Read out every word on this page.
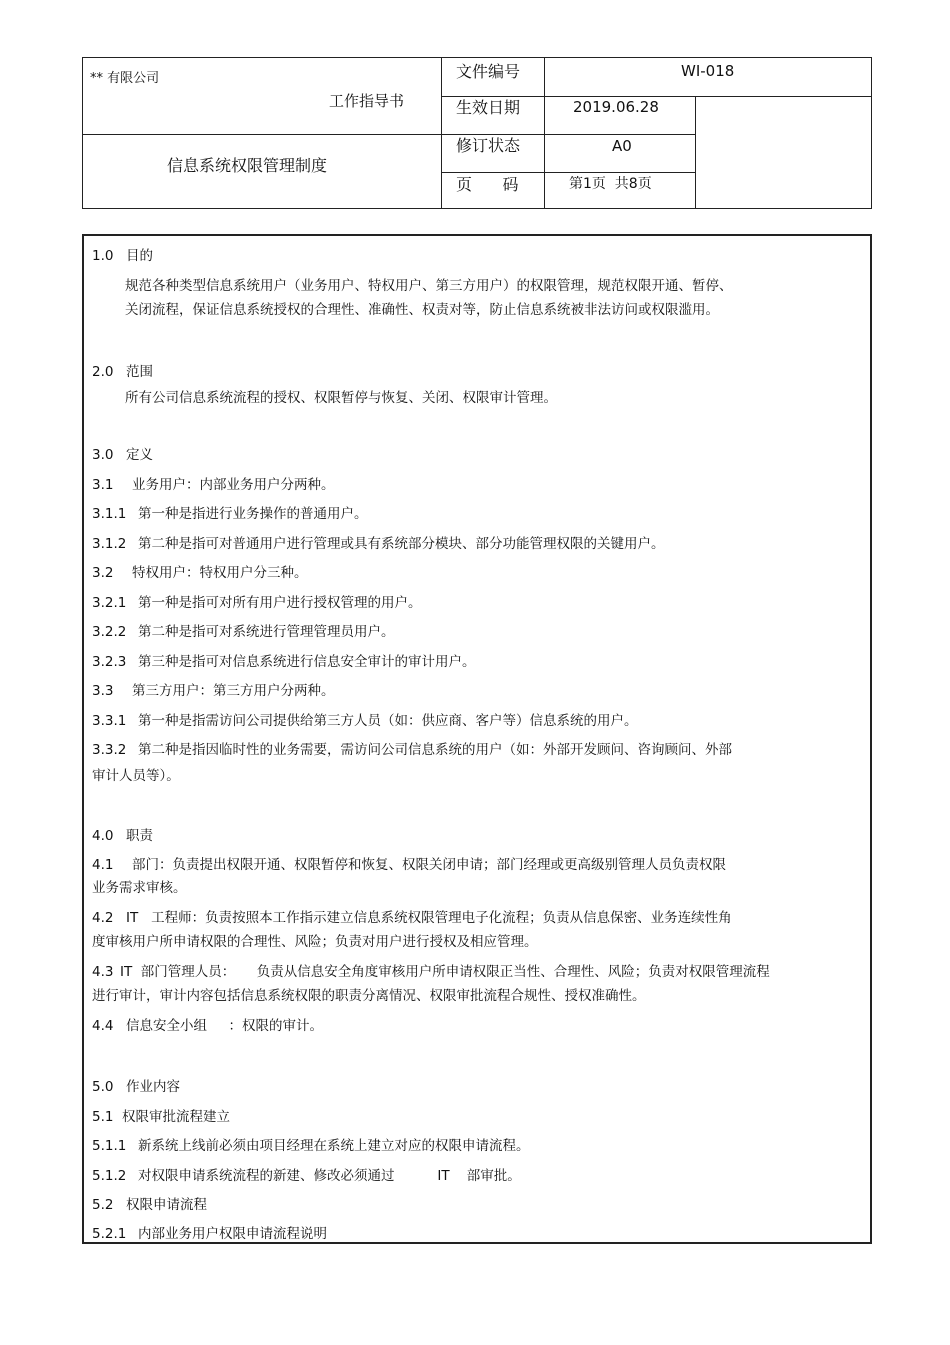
** 有限公司
工作指导书
信息系统权限管理制度
文件编号
生效日期
修订状态
页      码
WI-018
2019.06.28
A0
第1页  共8页
1.0 目的
规范各种类型信息系统用户（业务用户、特权用户、第三方用户）的权限管理，规范权限开通、暂停、
关闭流程，保证信息系统授权的合理性、准确性、权责对等，防止信息系统被非法访问或权限滥用。
2.0 范围
所有公司信息系统流程的授权、权限暂停与恢复、关闭、权限审计管理。
3.0 定义
3.1 业务用户：内部业务用户分两种。
3.1.1 第一种是指进行业务操作的普通用户。
3.1.2 第二种是指可对普通用户进行管理或具有系统部分模块、部分功能管理权限的关键用户。
3.2 特权用户：特权用户分三种。
3.2.1 第一种是指可对所有用户进行授权管理的用户。
3.2.2 第二种是指可对系统进行管理管理员用户。
3.2.3 第三种是指可对信息系统进行信息安全审计的审计用户。
3.3 第三方用户：第三方用户分两种。
3.3.1 第一种是指需访问公司提供给第三方人员（如：供应商、客户等）信息系统的用户。
3.3.2 第二种是指因临时性的业务需要，需访问公司信息系统的用户（如：外部开发顾问、咨询顾问、外部
审计人员等）。
4.0 职责
4.1 部门：负责提出权限开通、权限暂停和恢复、权限关闭申请；部门经理或更高级别管理人员负责权限
业务需求审核。
4.2 IT   工程师：负责按照本工作指示建立信息系统权限管理电子化流程；负责从信息保密、业务连续性角
度审核用户所申请权限的合理性、风险；负责对用户进行授权及相应管理。
4.3 IT  部门管理人员：     负责从信息安全角度审核用户所申请权限正当性、合理性、风险；负责对权限管理流程
进行审计，审计内容包括信息系统权限的职责分离情况、权限审批流程合规性、授权准确性。
4.4 信息安全小组     ：权限的审计。
5.0 作业内容
5.1 权限审批流程建立
5.1.1 新系统上线前必须由项目经理在系统上建立对应的权限申请流程。
5.1.2 对权限申请系统流程的新建、修改必须通过          IT    部审批。
5.2 权限申请流程
5.2.1 内部业务用户权限申请流程说明
